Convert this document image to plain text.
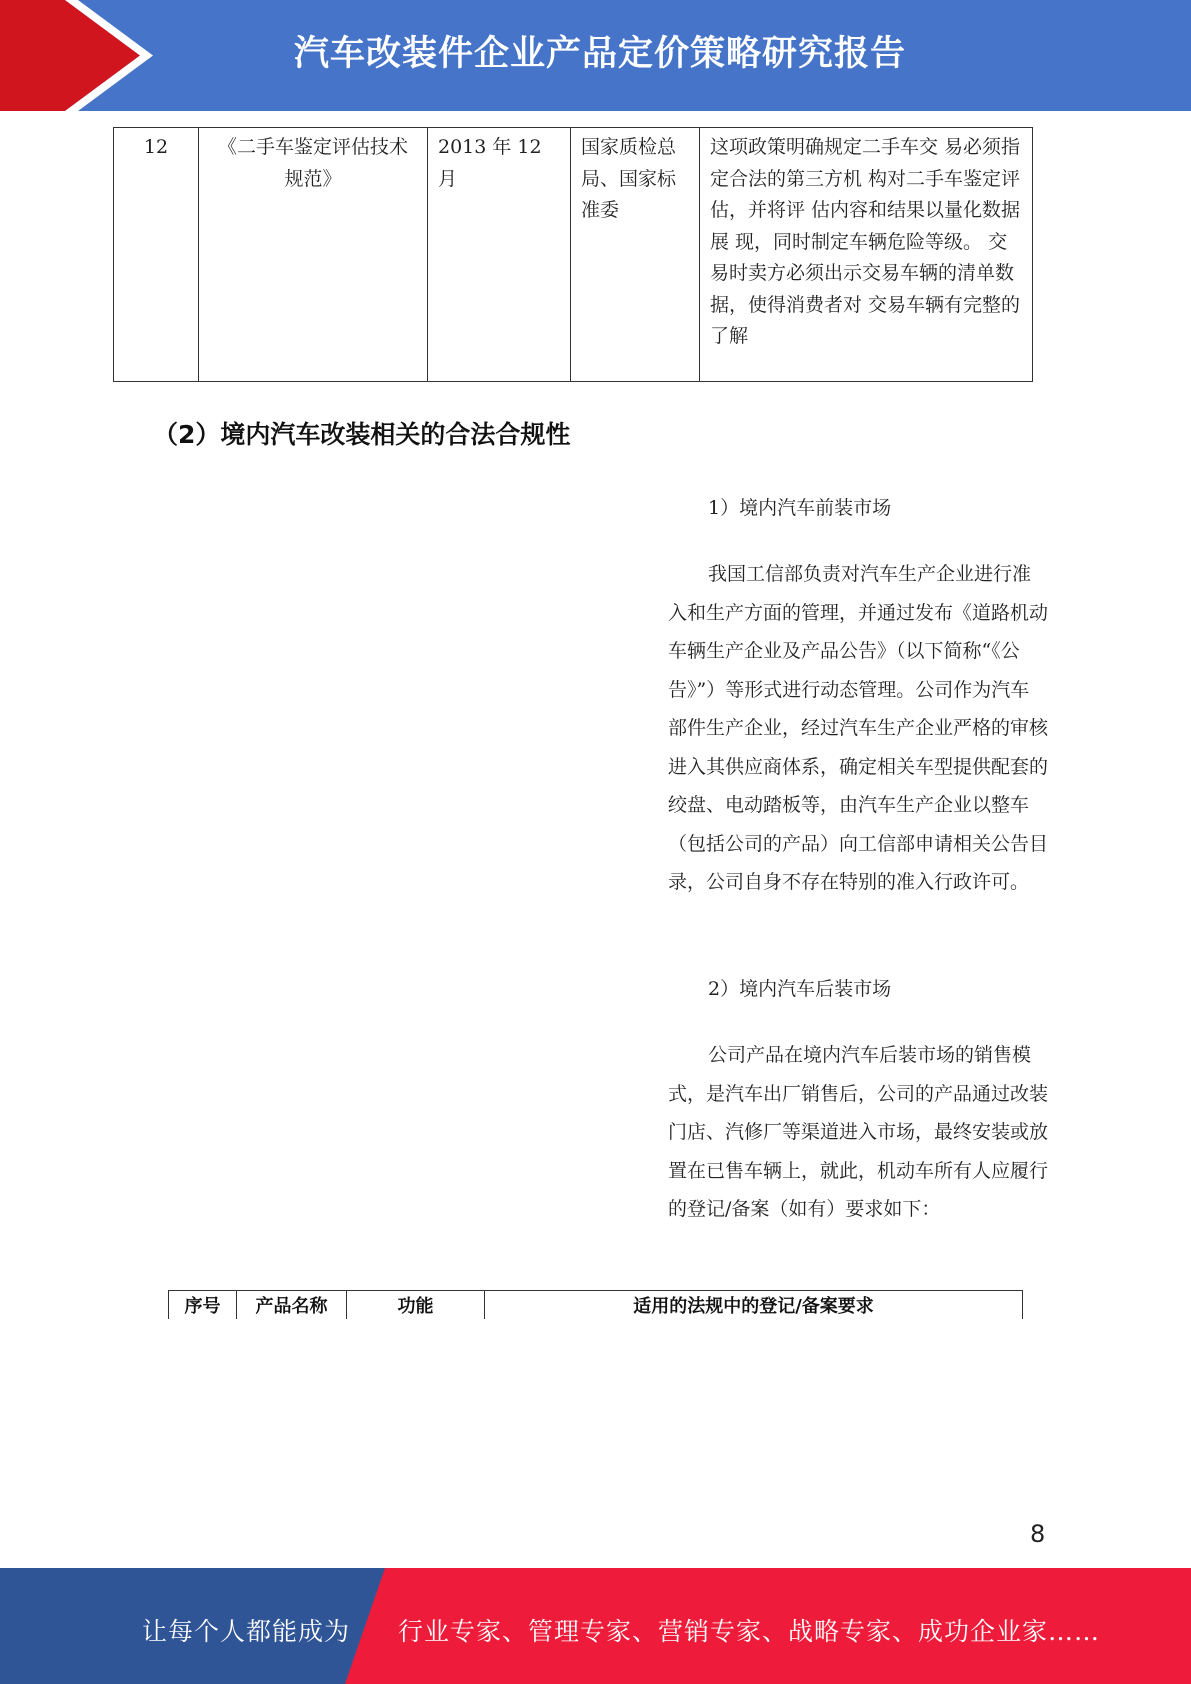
汽车改装件企业产品定价策略研究报告
12	《二手车鉴定评估技术规范》	2013 年 12 月	国家质检总局、国家标准委	这项政策明确规定二手车交 易必须指定合法的第三方机 构对二手车鉴定评估，并将评 估内容和结果以量化数据展 现，同时制定车辆危险等级。 交易时卖方必须出示交易车辆的清单数据，使得消费者对 交易车辆有完整的了解
（2）境内汽车改装相关的合法合规性
1）境内汽车前装市场

我国工信部负责对汽车生产企业进行准入和生产方面的管理，并通过发布《道路机动车辆生产企业及产品公告》（以下简称“《公告》”）等形式进行动态管理。公司作为汽车部件生产企业，经过汽车生产企业严格的审核进入其供应商体系，确定相关车型提供配套的绞盘、电动踏板等，由汽车生产企业以整车（包括公司的产品）向工信部申请相关公告目录，公司自身不存在特别的准入行政许可。

2）境内汽车后装市场

公司产品在境内汽车后装市场的销售模式，是汽车出厂销售后，公司的产品通过改装门店、汽修厂等渠道进入市场，最终安装或放置在已售车辆上，就此，机动车所有人应履行的登记/备案（如有）要求如下：

序号	产品名称	功能	适用的法规中的登记/备案要求
8
让每个人都能成为 行业专家、管理专家、营销专家、战略专家、成功企业家……
